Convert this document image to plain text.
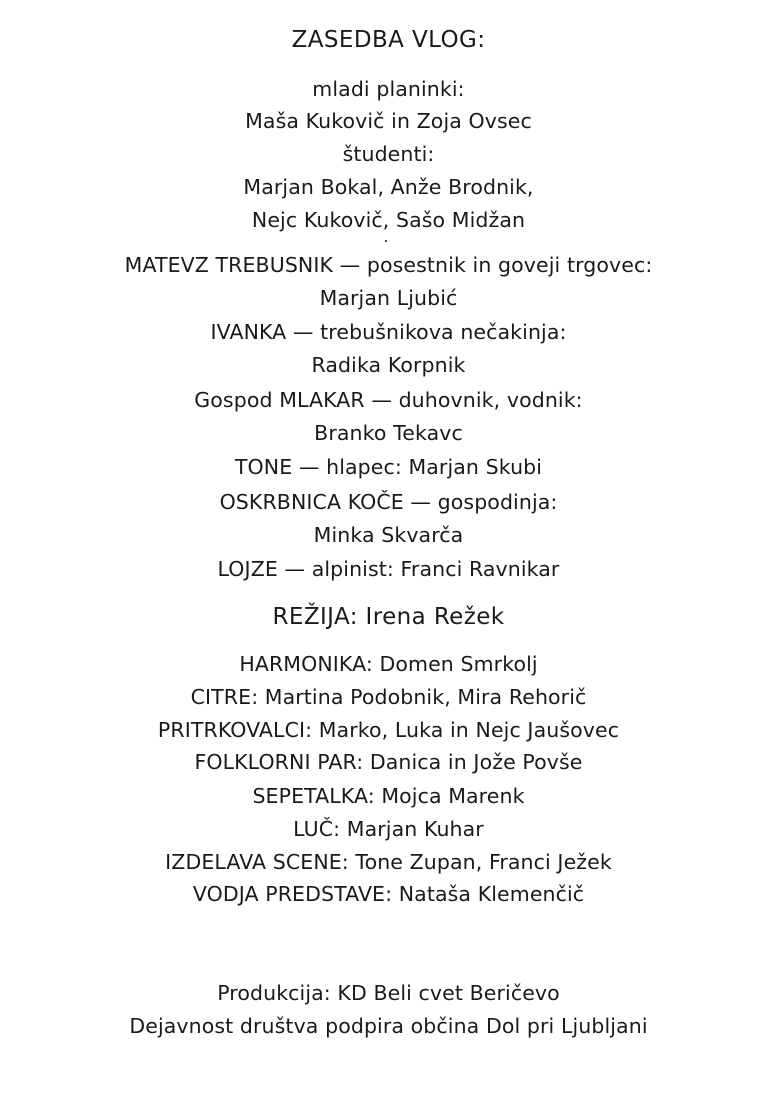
ZASEDBA VLOG:
mladi planinki:
Maša Kukovič in Zoja Ovsec
študenti:
Marjan Bokal, Anže Brodnik,
Nejc Kukovič, Sašo Midžan
MATEVZ TREBUSNIK — posestnik in goveji trgovec:
Marjan Ljubić
IVANKA — trebušnikova nečakinja:
Radika Korpnik
Gospod MLAKAR — duhovnik, vodnik:
Branko Tekavc
TONE — hlapec: Marjan Skubi
OSKRBNICA KOČE — gospodinja:
Minka Skvarča
LOJZE — alpinist: Franci Ravnikar
REŽIJA: Irena Režek
HARMONIKA: Domen Smrkolj
CITRE: Martina Podobnik, Mira Rehorič
PRITRKOVALCI: Marko, Luka in Nejc Jaušovec
FOLKLORNI PAR: Danica in Jože Povše
SEPETALKA: Mojca Marenk
LUČ: Marjan Kuhar
IZDELAVA SCENE: Tone Zupan, Franci Ježek
VODJA PREDSTAVE: Nataša Klemenčič
Produkcija: KD Beli cvet Beričevo
Dejavnost društva podpira občina Dol pri Ljubljani
